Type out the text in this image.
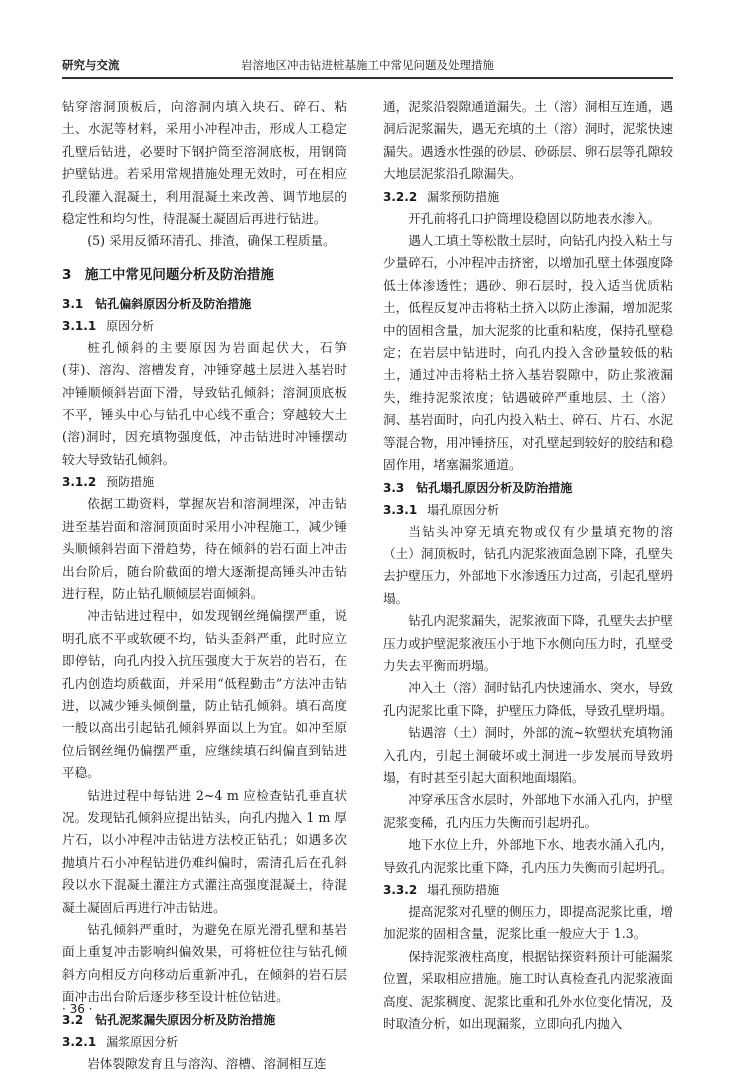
研究与交流	岩溶地区冲击钻进桩基施工中常见问题及处理措施

钻穿溶洞顶板后，向溶洞内填入块石、碎石、粘土、水泥等材料，采用小冲程冲击，形成人工稳定孔壁后钻进，必要时下钢护筒至溶洞底板，用钢筒护壁钻进。若采用常规措施处理无效时，可在相应孔段灌入混凝土，利用混凝土来改善、调节地层的稳定性和均匀性，待混凝土凝固后再进行钻进。

(5) 采用反循环清孔、排渣，确保工程质量。

3　施工中常见问题分析及防治措施
3.1　钻孔偏斜原因分析及防治措施
3.1.1 原因分析

桩孔倾斜的主要原因为岩面起伏大，石笋(芽)、溶沟、溶槽发育，冲锤穿越土层进入基岩时冲锤顺倾斜岩面下滑，导致钻孔倾斜；溶洞顶底板不平，锤头中心与钻孔中心线不重合；穿越较大土(溶)洞时，因充填物强度低，冲击钻进时冲锤摆动较大导致钻孔倾斜。

3.1.2 预防措施

依据工勘资料，掌握灰岩和溶洞埋深，冲击钻进至基岩面和溶洞顶面时采用小冲程施工，减少锤头顺倾斜岩面下滑趋势，待在倾斜的岩石面上冲击出台阶后，随台阶截面的增大逐渐提高锤头冲击钻进行程，防止钻孔顺倾层岩面倾斜。

冲击钻进过程中，如发现钢丝绳偏摆严重，说明孔底不平或软硬不均，钻头歪斜严重，此时应立即停钻，向孔内投入抗压强度大于灰岩的岩石，在孔内创造均质截面，并采用“低程勤击”方法冲击钻进，以减少锤头倾倒量，防止钻孔倾斜。填石高度一般以高出引起钻孔倾斜界面以上为宜。如冲至原位后钢丝绳仍偏摆严重，应继续填石纠偏直到钻进平稳。

钻进过程中每钻进 2~4 m 应检查钻孔垂直状况。发现钻孔倾斜应提出钻头，向孔内抛入 1 m 厚片石，以小冲程冲击钻进方法校正钻孔；如遇多次抛填片石小冲程钻进仍难纠偏时，需清孔后在孔斜段以水下混凝土灌注方式灌注高强度混凝土，待混凝土凝固后再进行冲击钻进。

钻孔倾斜严重时，为避免在原光滑孔壁和基岩面上重复冲击影响纠偏效果，可将桩位往与钻孔倾斜方向相反方向移动后重新冲孔，在倾斜的岩石层面冲击出台阶后逐步移至设计桩位钻进。

3.2　钻孔泥浆漏失原因分析及防治措施
3.2.1 漏浆原因分析

岩体裂隙发育且与溶沟、溶槽、溶洞相互连

通，泥浆沿裂隙通道漏失。土（溶）洞相互连通，遇洞后泥浆漏失，遇无充填的土（溶）洞时，泥浆快速漏失。遇透水性强的砂层、砂砾层、卵石层等孔隙较大地层泥浆沿孔隙漏失。

3.2.2 漏浆预防措施

开孔前将孔口护筒埋设稳固以防地表水渗入。

遇人工填土等松散土层时，向钻孔内投入粘土与少量碎石，小冲程冲击挤密，以增加孔壁土体强度降低土体渗透性；遇砂、卵石层时，投入适当优质粘土，低程反复冲击将粘土挤入以防止渗漏，增加泥浆中的固相含量，加大泥浆的比重和粘度，保持孔壁稳定；在岩层中钻进时，向孔内投入含砂量较低的粘土，通过冲击将粘土挤入基岩裂隙中，防止浆液漏失，维持泥浆浓度；钻遇破碎严重地层、土（溶）洞、基岩面时，向孔内投入粘土、碎石、片石、水泥等混合物，用冲锤挤压，对孔壁起到较好的胶结和稳固作用，堵塞漏浆通道。

3.3　钻孔塌孔原因分析及防治措施
3.3.1 塌孔原因分析

当钻头冲穿无填充物或仅有少量填充物的溶（土）洞顶板时，钻孔内泥浆液面急剧下降，孔壁失去护壁压力，外部地下水渗透压力过高，引起孔壁坍塌。

钻孔内泥浆漏失，泥浆液面下降，孔壁失去护壁压力或护壁泥浆液压小于地下水侧向压力时，孔壁受力失去平衡而坍塌。

冲入土（溶）洞时钻孔内快速涌水、突水，导致孔内泥浆比重下降，护壁压力降低，导致孔壁坍塌。

钻遇溶（土）洞时，外部的流~软塑状充填物涌入孔内，引起土洞破坏或土洞进一步发展而导致坍塌，有时甚至引起大面积地面塌陷。

冲穿承压含水层时，外部地下水涌入孔内，护壁泥浆变稀，孔内压力失衡而引起坍孔。

地下水位上升，外部地下水、地表水涌入孔内，导致孔内泥浆比重下降，孔内压力失衡而引起坍孔。

3.3.2 塌孔预防措施

提高泥浆对孔壁的侧压力，即提高泥浆比重，增加泥浆的固相含量，泥浆比重一般应大于 1.3。

保持泥浆液柱高度，根据钻探资料预计可能漏浆位置，采取相应措施。施工时认真检查孔内泥浆液面高度、泥浆稠度、泥浆比重和孔外水位变化情况，及时取渣分析，如出现漏浆，立即向孔内抛入

· 36 ·
